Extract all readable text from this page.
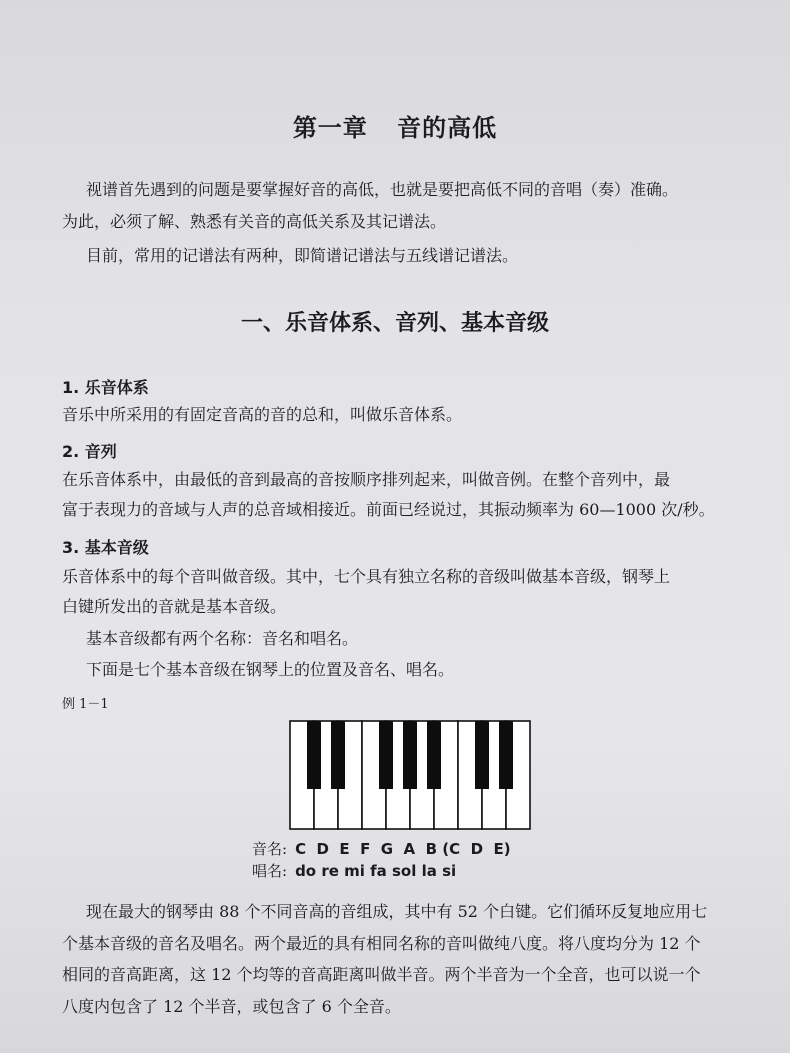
第一章 音的高低

视谱首先遇到的问题是要掌握好音的高低，也就是要把高低不同的音唱（奏）准确。

为此，必须了解、熟悉有关音的高低关系及其记谱法。

目前，常用的记谱法有两种，即简谱记谱法与五线谱记谱法。

一、乐音体系、音列、基本音级
1. 乐音体系

音乐中所采用的有固定音高的音的总和，叫做乐音体系。

2. 音列

在乐音体系中，由最低的音到最高的音按顺序排列起来，叫做音例。在整个音列中，最

富于表现力的音域与人声的总音域相接近。前面已经说过，其振动频率为 60—1000 次/秒。

3. 基本音级

乐音体系中的每个音叫做音级。其中，七个具有独立名称的音级叫做基本音级，钢琴上

白键所发出的音就是基本音级。

基本音级都有两个名称：音名和唱名。

下面是七个基本音级在钢琴上的位置及音名、唱名。

例 1－1
音名: C  D  E  F  G  A  B (C  D  E)
唱名: do re mi fa sol la si

现在最大的钢琴由 88 个不同音高的音组成，其中有 52 个白键。它们循环反复地应用七

个基本音级的音名及唱名。两个最近的具有相同名称的音叫做纯八度。将八度均分为 12 个

相同的音高距离，这 12 个均等的音高距离叫做半音。两个半音为一个全音，也可以说一个

八度内包含了 12 个半音，或包含了 6 个全音。
